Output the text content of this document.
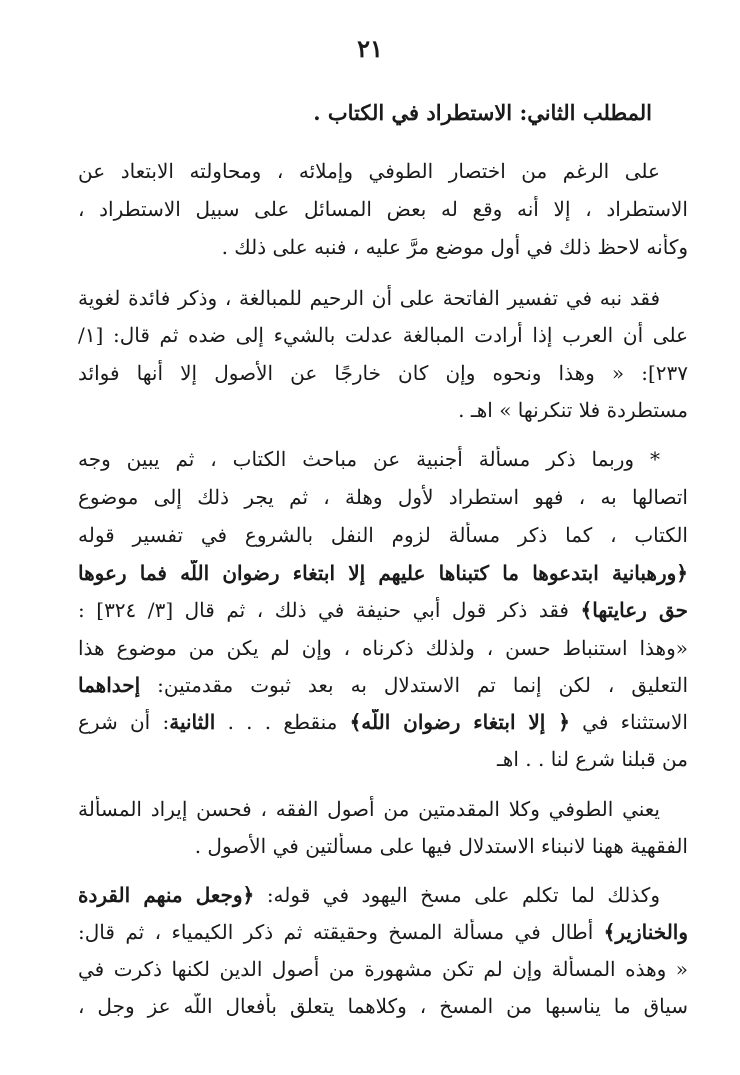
٢١
المطلب الثاني: الاستطراد في الكتاب .
على الرغم من اختصار الطوفي وإملائه ، ومحاولته الابتعاد عن
الاستطراد ، إلا أنه وقع له بعض المسائل على سبيل الاستطراد ،
وكأنه لاحظ ذلك في أول موضع مرَّ عليه ، فنبه على ذلك .
فقد نبه في تفسير الفاتحة على أن الرحيم للمبالغة ، وذكر فائدة لغوية
على أن العرب إذا أرادت المبالغة عدلت بالشيء إلى ضده ثم قال: [١/
٢٣٧]: « وهذا ونحوه وإن كان خارجًا عن الأصول إلا أنها فوائد
مستطردة فلا تنكرنها » اهـ .
* وربما ذكر مسألة أجنبية عن مباحث الكتاب ، ثم يبين وجه
اتصالها به ، فهو استطراد لأول وهلة ، ثم يجر ذلك إلى موضوع
الكتاب ، كما ذكر مسألة لزوم النفل بالشروع في تفسير قوله
﴿ورهبانية ابتدعوها ما كتبناها عليهم إلا ابتغاء رضوان اللّه فما رعوها
حق رعايتها﴾ فقد ذكر قول أبي حنيفة في ذلك ، ثم قال [٣/ ٣٢٤] :
«وهذا استنباط حسن ، ولذلك ذكرناه ، وإن لم يكن من موضوع هذا
التعليق ، لكن إنما تم الاستدلال به بعد ثبوت مقدمتين: إحداهما
الاستثناء في ﴿ إلا ابتغاء رضوان اللّه﴾ منقطع . . . الثانية: أن شرع
من قبلنا شرع لنا . . اهـ
يعني الطوفي وكلا المقدمتين من أصول الفقه ، فحسن إيراد المسألة
الفقهية ههنا لانبناء الاستدلال فيها على مسألتين في الأصول .
وكذلك لما تكلم على مسخ اليهود في قوله: ﴿وجعل منهم القردة
والخنازير﴾ أطال في مسألة المسخ وحقيقته ثم ذكر الكيمياء ، ثم قال:
« وهذه المسألة وإن لم تكن مشهورة من أصول الدين لكنها ذكرت في
سياق ما يناسبها من المسخ ، وكلاهما يتعلق بأفعال اللّه عز وجل ،
